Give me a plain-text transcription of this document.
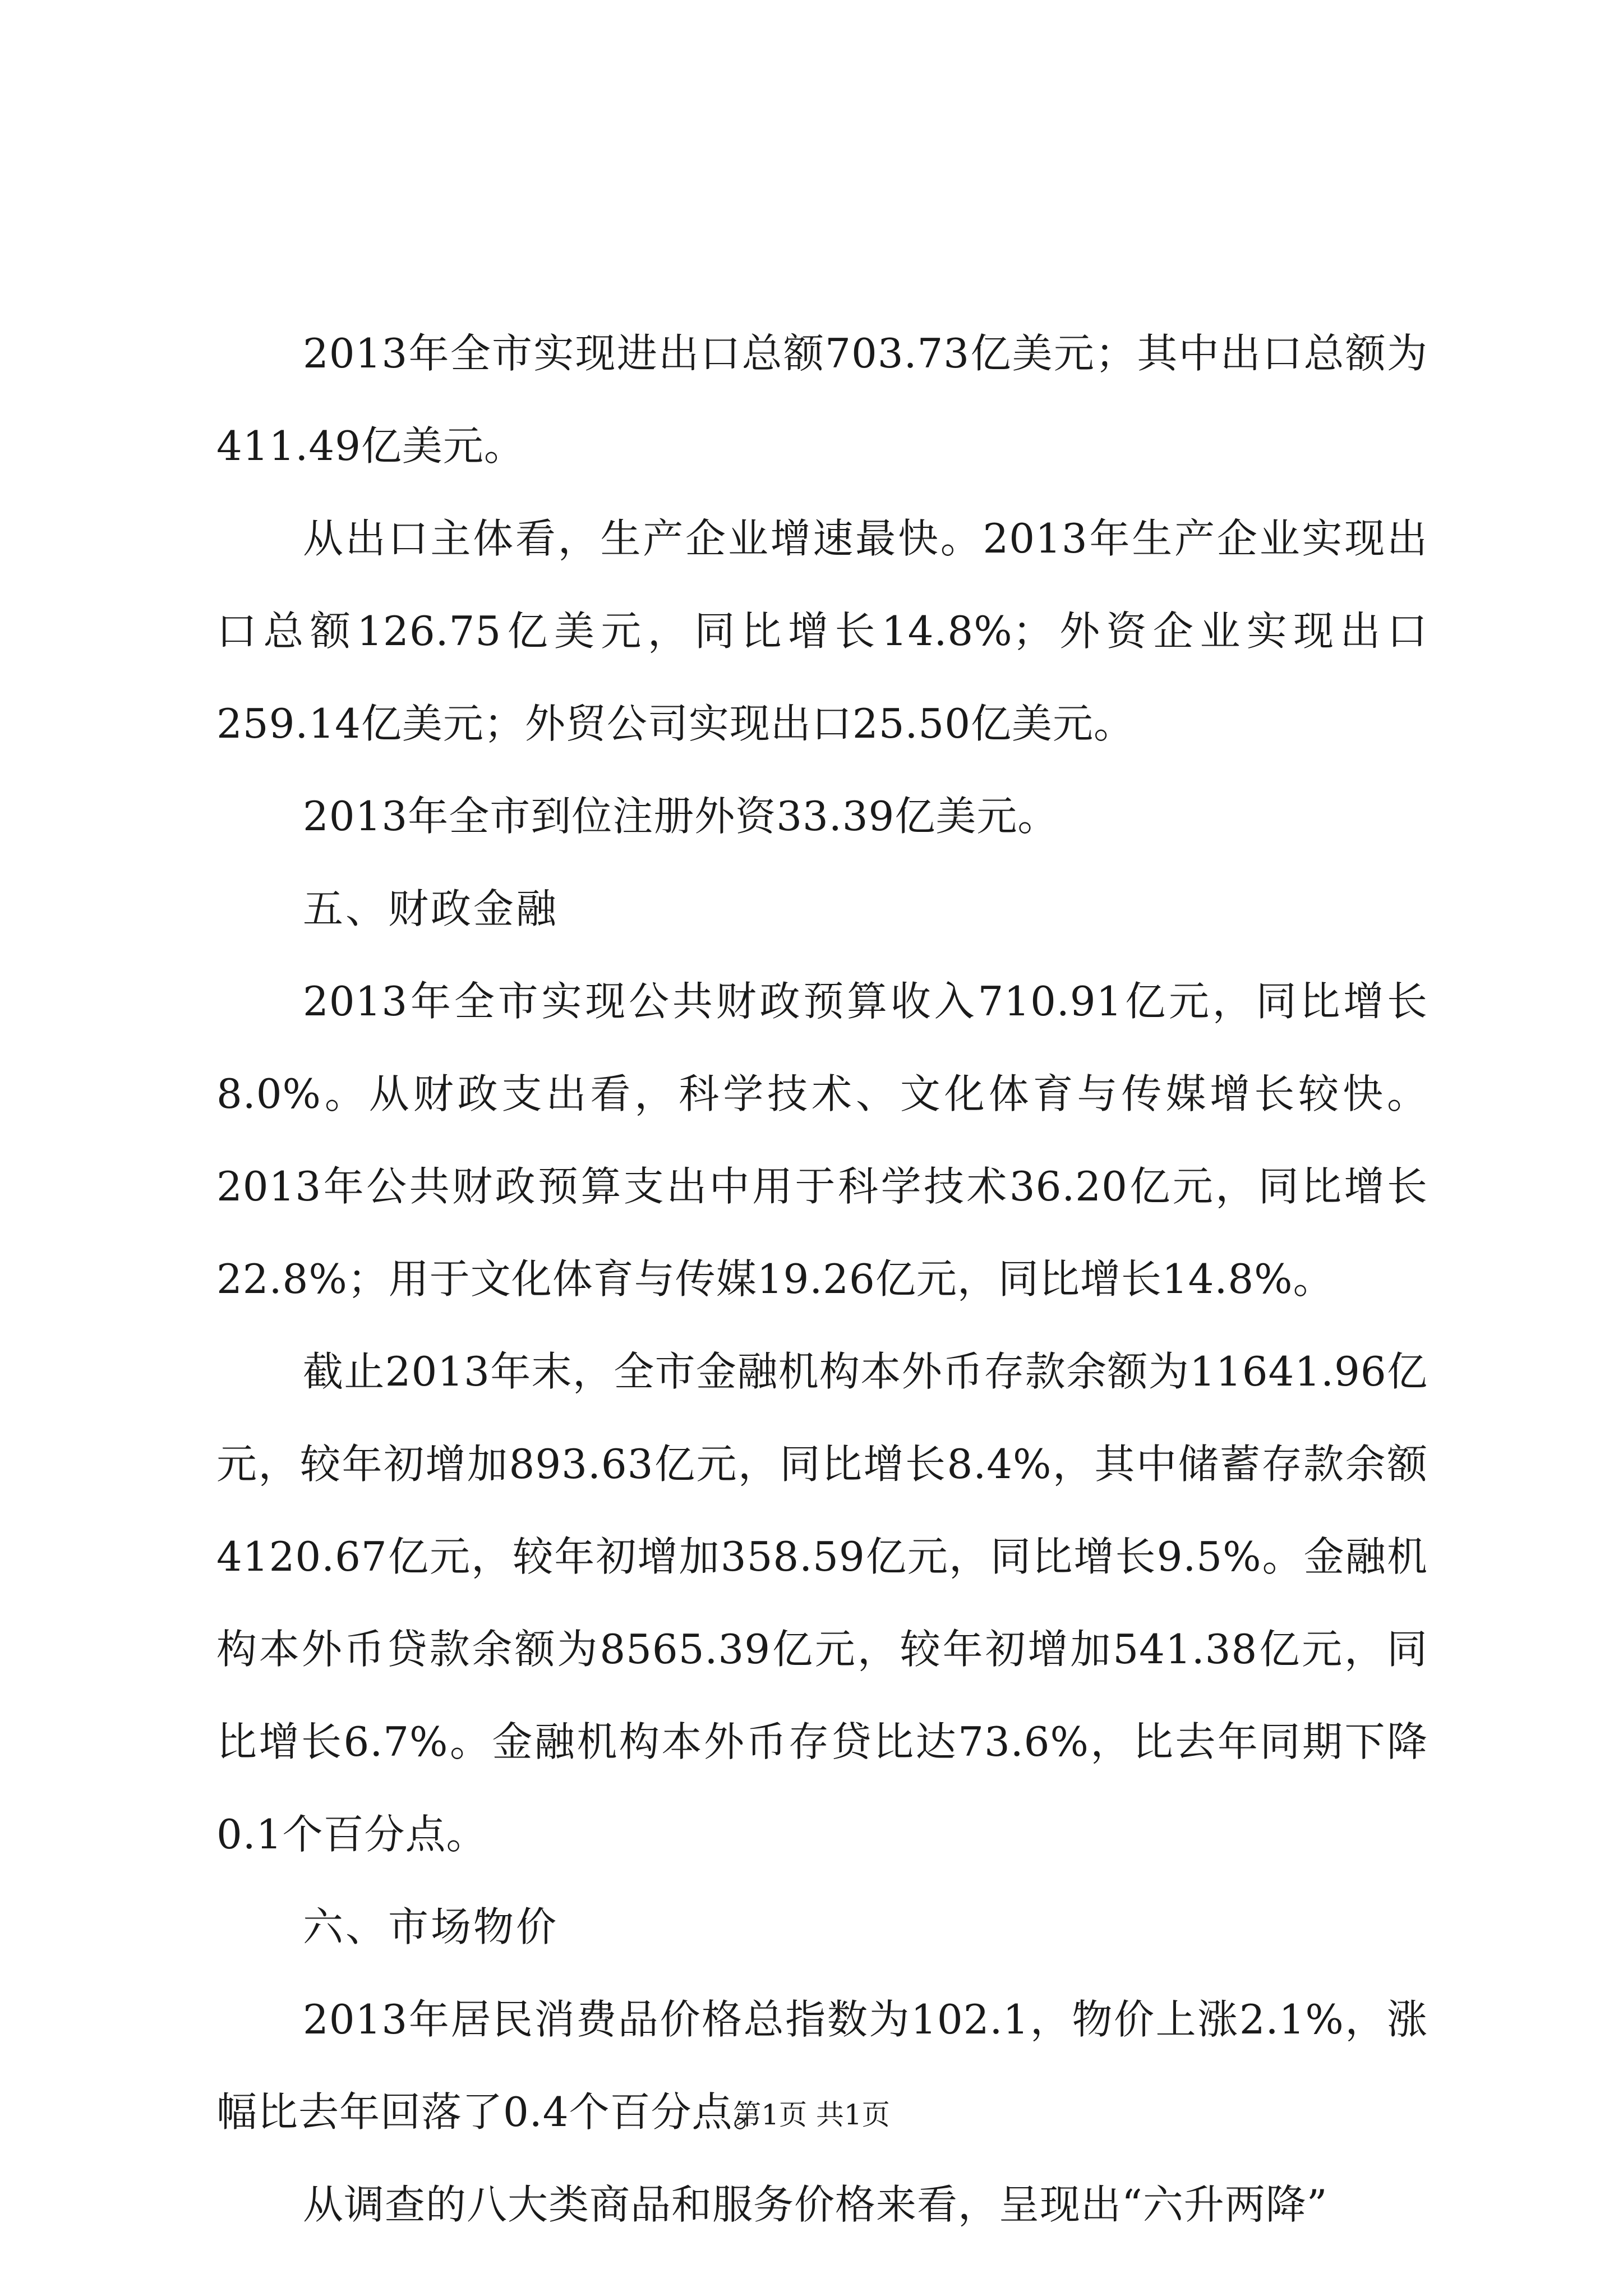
2013年全市实现进出口总额703.73亿美元；其中出口总额为411.49亿美元。

从出口主体看，生产企业增速最快。2013年生产企业实现出口总额126.75亿美元，同比增长14.8%；外资企业实现出口259.14亿美元；外贸公司实现出口25.50亿美元。

2013年全市到位注册外资33.39亿美元。

五、财政金融

2013年全市实现公共财政预算收入710.91亿元，同比增长8.0%。从财政支出看，科学技术、文化体育与传媒增长较快。2013年公共财政预算支出中用于科学技术36.20亿元，同比增长22.8%；用于文化体育与传媒19.26亿元，同比增长14.8%。

截止2013年末，全市金融机构本外币存款余额为11641.96亿元，较年初增加893.63亿元，同比增长8.4%，其中储蓄存款余额4120.67亿元，较年初增加358.59亿元，同比增长9.5%。金融机构本外币贷款余额为8565.39亿元，较年初增加541.38亿元，同比增长6.7%。金融机构本外币存贷比达73.6%，比去年同期下降0.1个百分点。

六、市场物价

2013年居民消费品价格总指数为102.1，物价上涨2.1%，涨幅比去年回落了0.4个百分点。

从调查的八大类商品和服务价格来看，呈现出“六升两降”

第1页 共1页
